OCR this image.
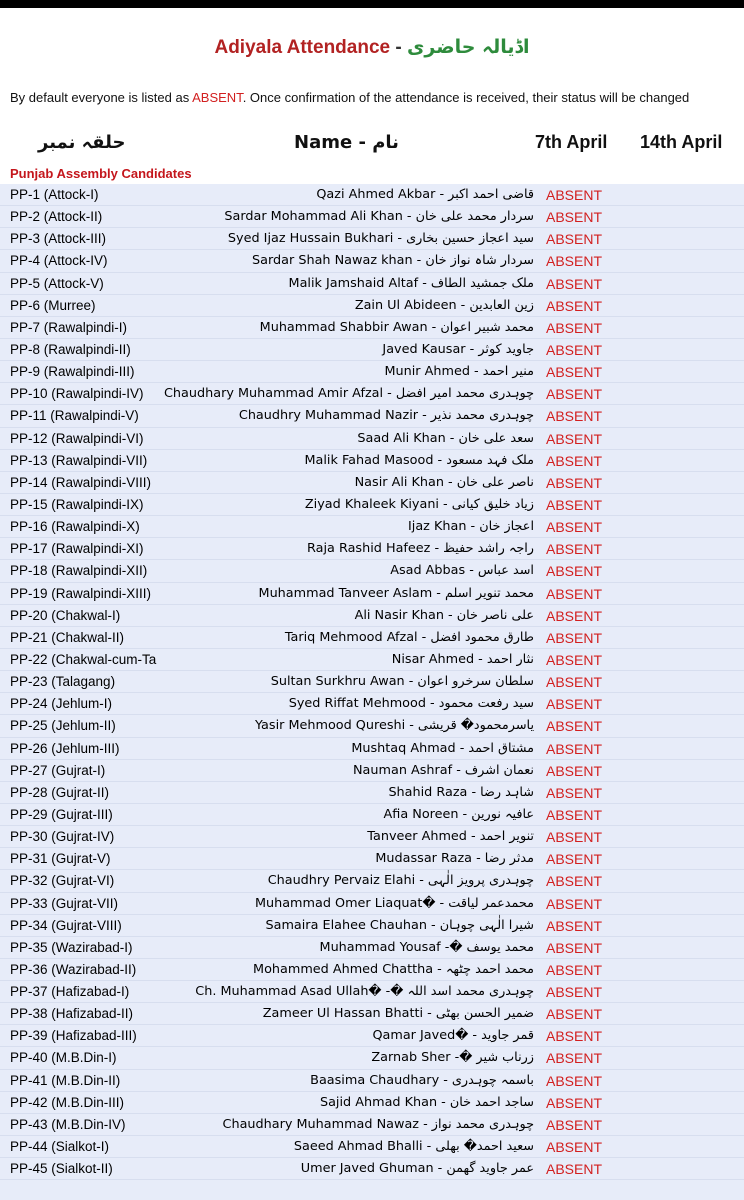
Adiyala Attendance - اڈیالہ حاضری
By default everyone is listed as ABSENT. Once confirmation of the attendance is received, their status will be changed
حلقہ نمبر	Name - نام	7th April 14th April
Punjab Assembly Candidates
PP-1 (Attock-I)	Qazi Ahmed Akbar - قاضی احمد اکبر ABSENT
PP-2 (Attock-II)	Sardar Mohammad Ali Khan - سردار محمد علی خان ABSENT
PP-3 (Attock-III)	Syed Ijaz Hussain Bukhari - سید اعجاز حسین بخاری ABSENT
PP-4 (Attock-IV)	Sardar Shah Nawaz khan - سردار شاہ نواز خان ABSENT
PP-5 (Attock-V)	Malik Jamshaid Altaf - ملک جمشید الطاف ABSENT
PP-6 (Murree)	Zain Ul Abideen - زین العابدین ABSENT
PP-7 (Rawalpindi-I)	Muhammad Shabbir Awan - محمد شبیر اعوان ABSENT
PP-8 (Rawalpindi-II)	Javed Kausar - جاوید کوثر ABSENT
PP-9 (Rawalpindi-III)	Munir Ahmed - منیر احمد ABSENT
PP-10 (Rawalpindi-IV)	Chaudhary Muhammad Amir Afzal - چوہدری محمد امیر افضل ABSENT
PP-11 (Rawalpindi-V)	Chaudhry Muhammad Nazir - چوہدری محمد نذیر ABSENT
PP-12 (Rawalpindi-VI)	Saad Ali Khan - سعد علی خان ABSENT
PP-13 (Rawalpindi-VII)	Malik Fahad Masood - ملک فہد مسعود ABSENT
PP-14 (Rawalpindi-VIII)	Nasir Ali Khan - ناصر علی خان ABSENT
PP-15 (Rawalpindi-IX)	Ziyad Khaleek Kiyani - زیاد خلیق کیانی ABSENT
PP-16 (Rawalpindi-X)	Ijaz Khan - اعجاز خان ABSENT
PP-17 (Rawalpindi-XI)	Raja Rashid Hafeez - راجہ راشد حفیظ ABSENT
PP-18 (Rawalpindi-XII)	Asad Abbas - اسد عباس ABSENT
PP-19 (Rawalpindi-XIII)	Muhammad Tanveer Aslam - محمد تنویر اسلم ABSENT
PP-20 (Chakwal-I)	Ali Nasir Khan - علی ناصر خان ABSENT
PP-21 (Chakwal-II)	Tariq Mehmood Afzal - طارق محمود افضل ABSENT
PP-22 (Chakwal-cum-Ta	Nisar Ahmed - نثار احمد ABSENT
PP-23 (Talagang)	Sultan Surkhru Awan - سلطان سرخرو اعوان ABSENT
PP-24 (Jehlum-I)	Syed Riffat Mehmood - سید رفعت محمود ABSENT
PP-25 (Jehlum-II)	Yasir Mehmood Qureshi - یاسرمحمود� قریشی ABSENT
PP-26 (Jehlum-III)	Mushtaq Ahmad - مشتاق احمد ABSENT
PP-27 (Gujrat-I)	Nauman Ashraf - نعمان اشرف ABSENT
PP-28 (Gujrat-II)	Shahid Raza - شاہد رضا ABSENT
PP-29 (Gujrat-III)	Afia Noreen - عافیہ نورین ABSENT
PP-30 (Gujrat-IV)	Tanveer Ahmed - تنویر احمد ABSENT
PP-31 (Gujrat-V)	Mudassar Raza - مدثر رضا ABSENT
PP-32 (Gujrat-VI)	Chaudhry Pervaiz Elahi - چوہدری پرویز الٰہی ABSENT
PP-33 (Gujrat-VII)	Muhammad Omer Liaquat� - محمدعمر لیاقت ABSENT
PP-34 (Gujrat-VIII)	Samaira Elahee Chauhan - شیرا الٰہی چوہان ABSENT
PP-35 (Wazirabad-I)	Muhammad Yousaf -� محمد یوسف ABSENT
PP-36 (Wazirabad-II)	Mohammed Ahmed Chattha - محمد احمد چٹھہ ABSENT
PP-37 (Hafizabad-I)	Ch. Muhammad Asad Ullah� -� چوہدری محمد اسد اللہ ABSENT
PP-38 (Hafizabad-II)	Zameer Ul Hassan Bhatti - ضمیر الحسن بھٹی ABSENT
PP-39 (Hafizabad-III)	Qamar Javed� - قمر جاوید ABSENT
PP-40 (M.B.Din-I)	Zarnab Sher -� زرناب شیر ABSENT
PP-41 (M.B.Din-II)	Baasima Chaudhary - باسمہ چوہدری ABSENT
PP-42 (M.B.Din-III)	Sajid Ahmad Khan - ساجد احمد خان ABSENT
PP-43 (M.B.Din-IV)	Chaudhary Muhammad Nawaz - چوہدری محمد نواز ABSENT
PP-44 (Sialkot-I)	Saeed Ahmad Bhalli - سعید احمد� بھلی ABSENT
PP-45 (Sialkot-II)	Umer Javed Ghuman - عمر جاوید گھمن ABSENT
